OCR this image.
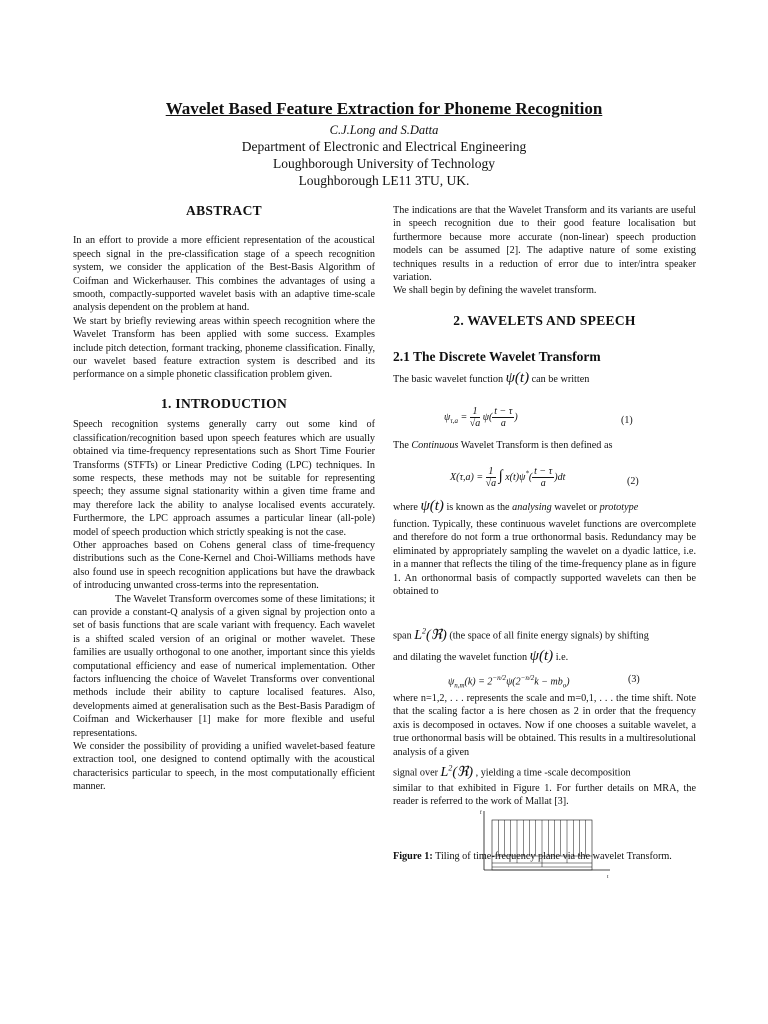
Wavelet Based Feature Extraction for Phoneme Recognition
C.J.Long and S.Datta
Department of Electronic and Electrical Engineering
Loughborough University of Technology
Loughborough LE11 3TU, UK.
ABSTRACT

In an effort to provide a more efficient representation of the acoustical speech signal in the pre-classification stage of a speech recognition system, we consider the application of the Best-Basis Algorithm of Coifman and Wickerhauser. This combines the advantages of using a smooth, compactly-supported wavelet basis with an adaptive time-scale analysis dependent on the problem at hand.

We start by briefly reviewing areas within speech recognition where the Wavelet Transform has been applied with some success. Examples include pitch detection, formant tracking, phoneme classification. Finally, our wavelet based feature extraction system is described and its performance on a simple phonetic classification problem given.

1. INTRODUCTION

Speech recognition systems generally carry out some kind of classification/recognition based upon speech features which are usually obtained via time-frequency representations such as Short Time Fourier Transforms (STFTs) or Linear Predictive Coding (LPC) techniques. In some respects, these methods may not be suitable for representing speech; they assume signal stationarity within a given time frame and may therefore lack the ability to analyse localised events accurately. Furthermore, the LPC approach assumes a particular linear (all-pole) model of speech production which strictly speaking is not the case.

Other approaches based on Cohens general class of time-frequency distributions such as the Cone-Kernel and Choi-Williams methods have also found use in speech recognition applications but have the drawback of introducing unwanted cross-terms into the representation.

The Wavelet Transform overcomes some of these limitations; it can provide a constant-Q analysis of a given signal by projection onto a set of basis functions that are scale variant with frequency. Each wavelet is a shifted scaled version of an original or mother wavelet. These families are usually orthogonal to one another, important since this yields computational efficiency and ease of numerical implementation. Other factors influencing the choice of Wavelet Transforms over conventional methods include their ability to capture localised features. Also, developments aimed at generalisation such as the Best-Basis Paradigm of Coifman and Wickerhauser [1] make for more flexible and useful representations.

We consider the possibility of providing a unified wavelet-based feature extraction tool, one designed to contend optimally with the acoustical characterisics particular to speech, in the most computationally efficient manner.

The indications are that the Wavelet Transform and its variants are useful in speech recognition due to their good feature localisation but furthermore because more accurate (non-linear) speech production models can be assumed [2]. The adaptive nature of some existing techniques results in a reduction of error due to inter/intra speaker variation.

We shall begin by defining the wavelet transform.

2. WAVELETS AND SPEECH
2.1 The Discrete Wavelet Transform
The basic wavelet function ψ(t) can be written
$\psi_{\tau,a} = \frac{1}{√a} \psi( \frac{t - \tau}{a}$ )	(1)
The Continuous Wavelet Transform is then defined as
$X(\tau,a) = \frac{1}{√a}$ ∫ $x(t)\psi^*( \frac{t - \tau}{a} )dt$	(2)
where ψ(t) is known as the analysing wavelet or prototype
function. Typically, these continuous wavelet functions are overcomplete and therefore do not form a true orthonormal basis. Redundancy may be eliminated by appropriately sampling the wavelet on a dyadic lattice, i.e. in a manner that reflects the tiling of the time-frequency plane as in figure 1. An orthonormal basis of compactly supported wavelets can then be obtained to
span $L^2(ℜ)$ (the space of all finite energy signals) by shifting
and dilating the wavelet function ψ(t) i.e.
$\psi_{n,m}(k) = 2^{-n/2}\psi(2^{-n/2}k - mb_o)$	(3)
where n=1,2, . . . represents the scale and m=0,1, . . . the time shift. Note that the scaling factor a is here chosen as 2 in order that the frequency axis is decomposed in octaves. Now if one chooses a suitable wavelet, a true orthonormal basis will be obtained. This results in a multiresolutional analysis of a given
signal over $L^2(ℜ)$ , yielding a time -scale decomposition
similar to that exhibited in Figure 1. For further details on MRA, the reader is referred to the work of Mallat [3].
f
t
Figure 1: Tiling of time-frequency plane via the wavelet Transform.
